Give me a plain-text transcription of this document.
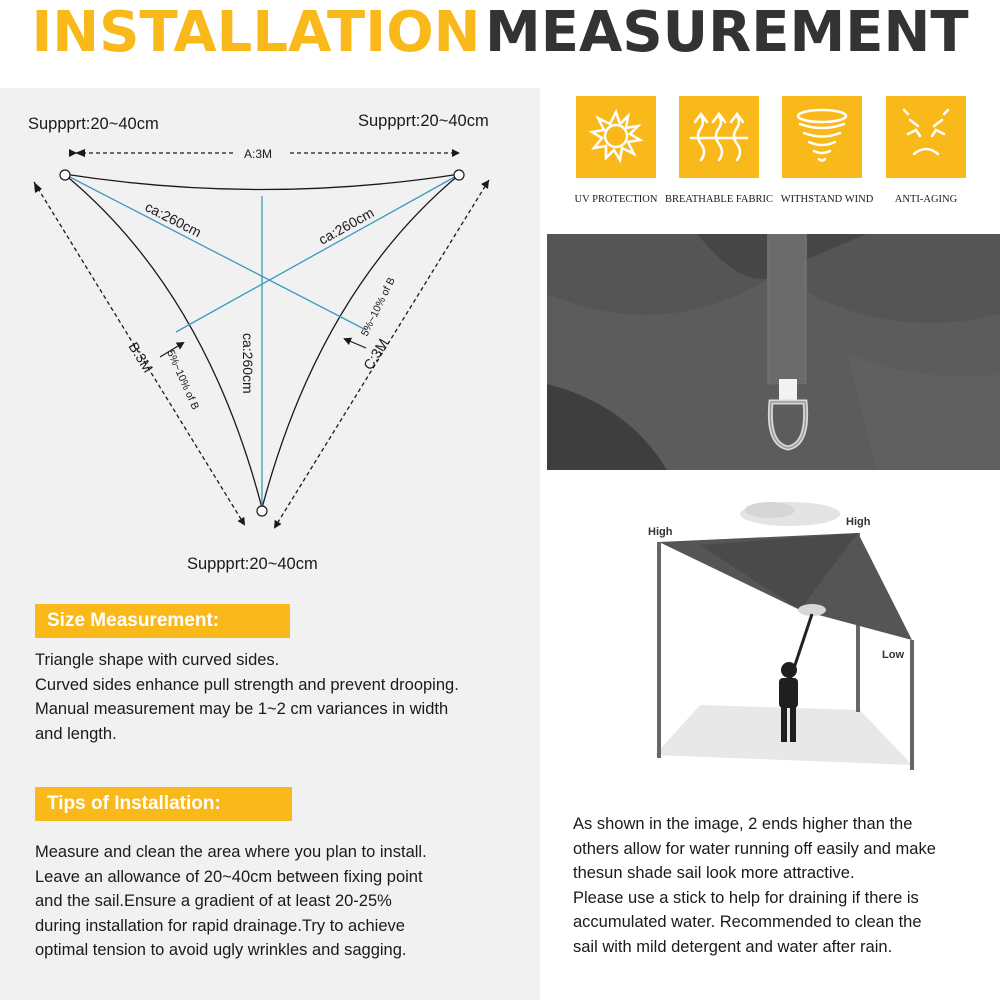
INSTALLATION MEASUREMENT
Suppprt:20~40cm	Suppprt:20~40cm
Suppprt:20~40cm
A:3M
B:3M	C:3M
ca:260cm	ca:260cm
ca:260cm
5%~10% of B
5%~10% of B
Size Measurement:
Triangle shape with curved sides.
Curved sides enhance pull strength and prevent drooping.
Manual measurement may be 1~2 cm variances in width
and length.
Tips of Installation:
Measure and clean the area where you plan to install.
Leave an allowance of 20~40cm between fixing point
and the sail.Ensure a gradient of at least 20-25%
during installation for rapid drainage.Try to achieve
optimal tension to avoid ugly wrinkles and sagging.
UV PROTECTION BREATHABLE FABRIC WITHSTAND WIND	ANTI-AGING
High
High
Low
As shown in the image, 2 ends higher than the
others allow for water running off easily and make
thesun shade sail look more attractive.
Please use a stick to help for draining if there is
accumulated water. Recommended to clean the
sail with mild detergent and water after rain.
